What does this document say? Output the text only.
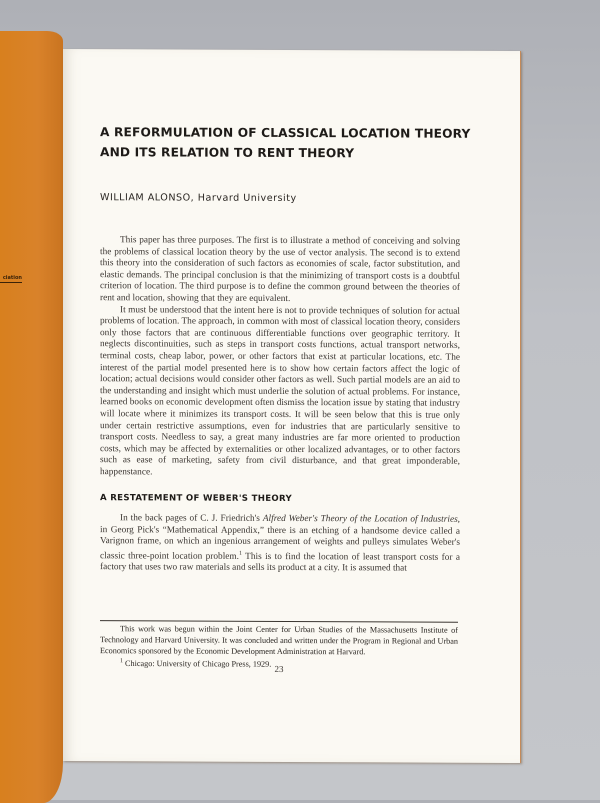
ciation
A REFORMULATION OF CLASSICAL LOCATION THEORY
AND ITS RELATION TO RENT THEORY
WILLIAM ALONSO, Harvard University

This paper has three purposes. The first is to illustrate a method of conceiving and solving the problems of classical location theory by the use of vector analysis. The second is to extend this theory into the consideration of such factors as economies of scale, factor substitution, and elastic demands. The principal conclusion is that the minimizing of transport costs is a doubtful criterion of location. The third purpose is to define the common ground between the theories of rent and location, showing that they are equivalent.

It must be understood that the intent here is not to provide techniques of solution for actual problems of location. The approach, in common with most of classical location theory, considers only those factors that are continuous differentiable functions over geographic territory. It neglects discontinuities, such as steps in transport costs functions, actual transport networks, terminal costs, cheap labor, power, or other factors that exist at particular locations, etc. The interest of the partial model presented here is to show how certain factors affect the logic of location; actual decisions would consider other factors as well. Such partial models are an aid to the understanding and insight which must underlie the solution of actual problems. For instance, learned books on economic development often dismiss the location issue by stating that industry will locate where it minimizes its transport costs. It will be seen below that this is true only under certain restrictive assumptions, even for industries that are particularly sensitive to transport costs. Needless to say, a great many industries are far more oriented to production costs, which may be affected by externalities or other localized advantages, or to other factors such as ease of marketing, safety from civil disturbance, and that great imponderable, happenstance.

A RESTATEMENT OF WEBER'S THEORY

In the back pages of C. J. Friedrich's Alfred Weber's Theory of the Location of Industries, in Georg Pick's “Mathematical Appendix,” there is an etching of a handsome device called a Varignon frame, on which an ingenious arrangement of weights and pulleys simulates Weber's classic three-point location problem.$^1$ This is to find the location of least transport costs for a factory that uses two raw materials and sells its product at a city. It is assumed that

This work was begun within the Joint Center for Urban Studies of the Massachusetts Institute of Technology and Harvard University. It was concluded and written under the Program in Regional and Urban Economics sponsored by the Economic Development Administration at Harvard.

$^1$ Chicago: University of Chicago Press, 1929. 23
